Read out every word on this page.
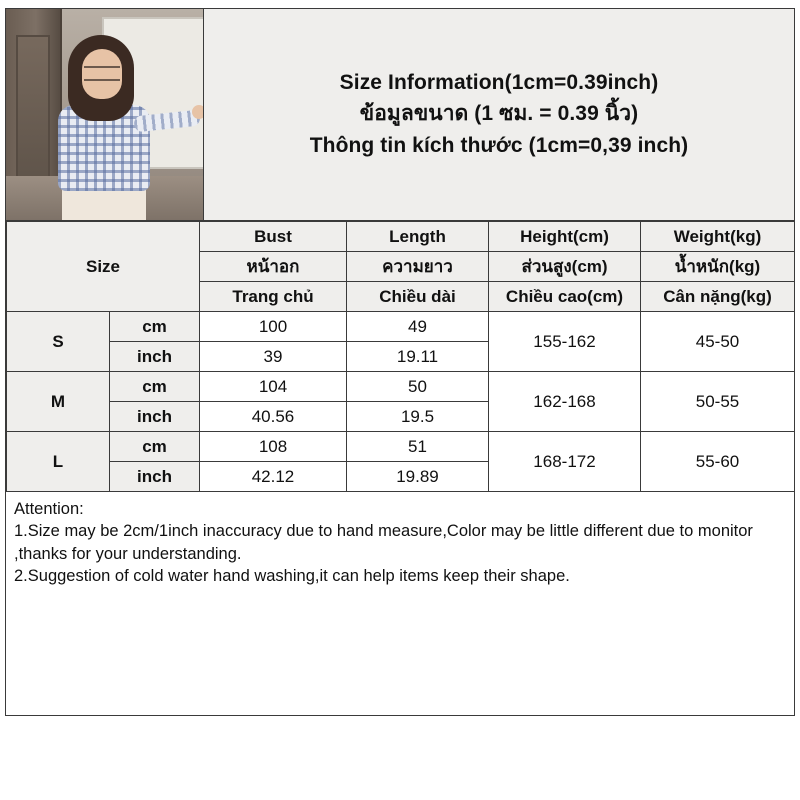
Size Information(1cm=0.39inch)
ข้อมูลขนาด (1 ซม. = 0.39 นิ้ว)
Thông tin kích thước (1cm=0,39 inch)
Size		Bust	Length	Height(cm)	Weight(kg)
		หน้าอก	ความยาว	ส่วนสูง(cm)	น้ำหนัก(kg)
		Trang chủ	Chiều dài	Chiều cao(cm)	Cân nặng(kg)
S	cm	100	49	155-162	45-50
	inch	39	19.11		
M	cm	104	50	162-168	50-55
	inch	40.56	19.5		
L	cm	108	51	168-172	55-60
	inch	42.12	19.89		
Attention:
1.Size may be 2cm/1inch inaccuracy due to hand measure,Color may be little different due to monitor ,thanks for your understanding.
2.Suggestion of cold water hand washing,it can help items keep their shape.
